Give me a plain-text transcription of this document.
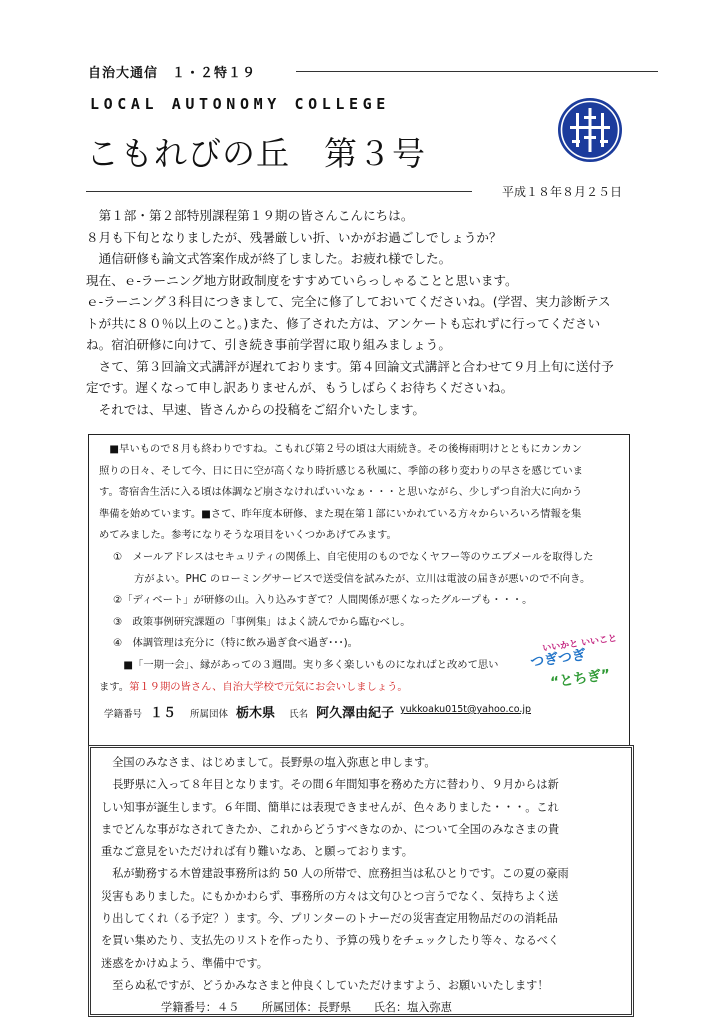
自治大通信　１・２特１９
LOCAL AUTONOMY COLLEGE
こもれびの丘　第３号
平成１８年８月２５日

　第１部・第２部特別課程第１９期の皆さんこんにちは。

８月も下旬となりましたが、残暑厳しい折、いかがお過ごしでしょうか？

　通信研修も論文式答案作成が終了しました。お疲れ様でした。

現在、ｅ-ラーニング地方財政制度をすすめていらっしゃることと思います。

ｅ-ラーニング３科目につきまして、完全に修了しておいてくださいね。(学習、実力診断テス

トが共に８０％以上のこと。)また、修了された方は、アンケートも忘れずに行ってください

ね。宿泊研修に向けて、引き続き事前学習に取り組みましょう。

　さて、第３回論文式講評が遅れております。第４回論文式講評と合わせて９月上旬に送付予

定です。遅くなって申し訳ありませんが、もうしばらくお待ちくださいね。

　それでは、早速、皆さんからの投稿をご紹介いたします。

　■早いもので８月も終わりですね。こもれび第２号の頃は大雨続き。その後梅雨明けとともにカンカン

照りの日々、そして今、日に日に空が高くなり時折感じる秋風に、季節の移り変わりの早さを感じていま

す。寄宿舎生活に入る頃は体調など崩さなければいいなぁ・・・と思いながら、少しずつ自治大に向かう

準備を始めています。■さて、昨年度本研修、また現在第１部にいかれている方々からいろいろ情報を集

めてみました。参考になりそうな項目をいくつかあげてみます。

①　メールアドレスはセキュリティの関係上、自宅使用のものでなくヤフー等のウエブメールを取得した

方がよい。PHC のローミングサービスで送受信を試みたが、立川は電波の届きが悪いので不向き。

②「ディベート」が研修の山。入り込みすぎて？人間関係が悪くなったグループも・・・。

③　政策事例研究課題の「事例集」はよく読んでから臨むべし。

④　体調管理は充分に（特に飲み過ぎ食べ過ぎ･･･)。

　■「一期一会」、縁があっての３週間。実り多く楽しいものになればと改めて思い

ます。第１９期の皆さん、自治大学校で元気にお会いしましょう。

いいかと いいこと
つぎつぎ
“とちぎ”
学籍番号 １５ 所属団体 栃木県 氏名 阿久澤由紀子 yukkoaku015t@yahoo.co.jp

　全国のみなさま、はじめまして。長野県の塩入弥恵と申します。

　長野県に入って８年目となります。その間６年間知事を務めた方に替わり、９月からは新

しい知事が誕生します。６年間、簡単には表現できませんが、色々ありました・・・。これ

までどんな事がなされてきたか、これからどうすべきなのか、について全国のみなさまの貴

重なご意見をいただければ有り難いなあ、と願っております。

　私が勤務する木曽建設事務所は約 50 人の所帯で、庶務担当は私ひとりです。この夏の豪雨

災害もありました。にもかかわらず、事務所の方々は文句ひとつ言うでなく、気持ちよく送

り出してくれ（る予定？）ます。今、プリンターのトナーだの災害査定用物品だのの消耗品

を買い集めたり、支払先のリストを作ったり、予算の残りをチェックしたり等々、なるべく

迷惑をかけぬよう、準備中です。

　至らぬ私ですが、どうかみなさまと仲良くしていただけますよう、お願いいたします！

学籍番号：４５　　所属団体：長野県　　氏名：塩入弥恵
